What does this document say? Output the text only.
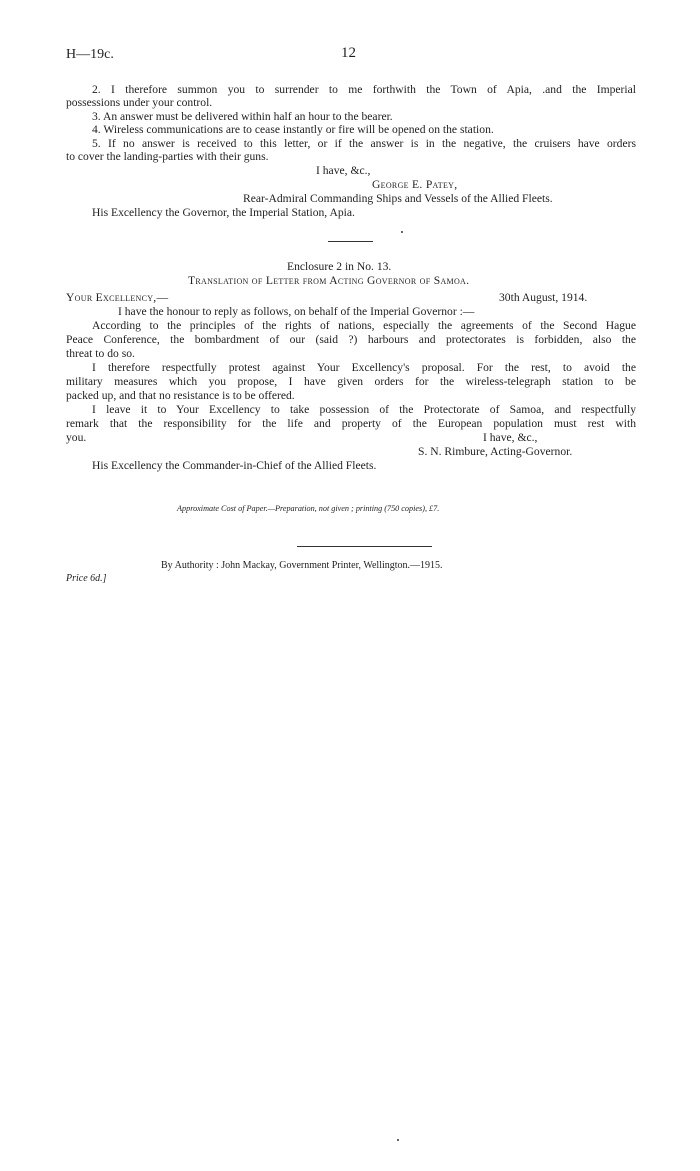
H—19c.	12
2. I therefore summon you to surrender to me forthwith the Town of Apia, .and the Imperial
possessions under your control.
3. An answer must be delivered within half an hour to the bearer.
4. Wireless communications are to cease instantly or fire will be opened on the station.
5. If no answer is received to this letter, or if the answer is in the negative, the cruisers have orders
to cover the landing-parties with their guns.
I have, &c.,
George E. Patey,
Rear-Admiral Commanding Ships and Vessels of the Allied Fleets.
His Excellency the Governor, the Imperial Station, Apia.
Enclosure 2 in No. 13.
Translation of Letter from Acting Governor of Samoa.
Your Excellency,—	30th August, 1914.
I have the honour to reply as follows, on behalf of the Imperial Governor :—
According to the principles of the rights of nations, especially the agreements of the Second Hague
Peace Conference, the bombardment of our (said ?) harbours and protectorates is forbidden, also the
threat to do so.
I therefore respectfully protest against Your Excellency's proposal. For the rest, to avoid the
military measures which you propose, I have given orders for the wireless-telegraph station to be
packed up, and that no resistance is to be offered.
I leave it to Your Excellency to take possession of the Protectorate of Samoa, and respectfully
remark that the responsibility for the life and property of the European population must rest with
you.	I have, &c.,
S. N. Rimbure, Acting-Governor.
His Excellency the Commander-in-Chief of the Allied Fleets.
Approximate Cost of Paper.—Preparation, not given ; printing (750 copies), £7.
By Authority : John Mackay, Government Printer, Wellington.—1915.
Price 6d.]
